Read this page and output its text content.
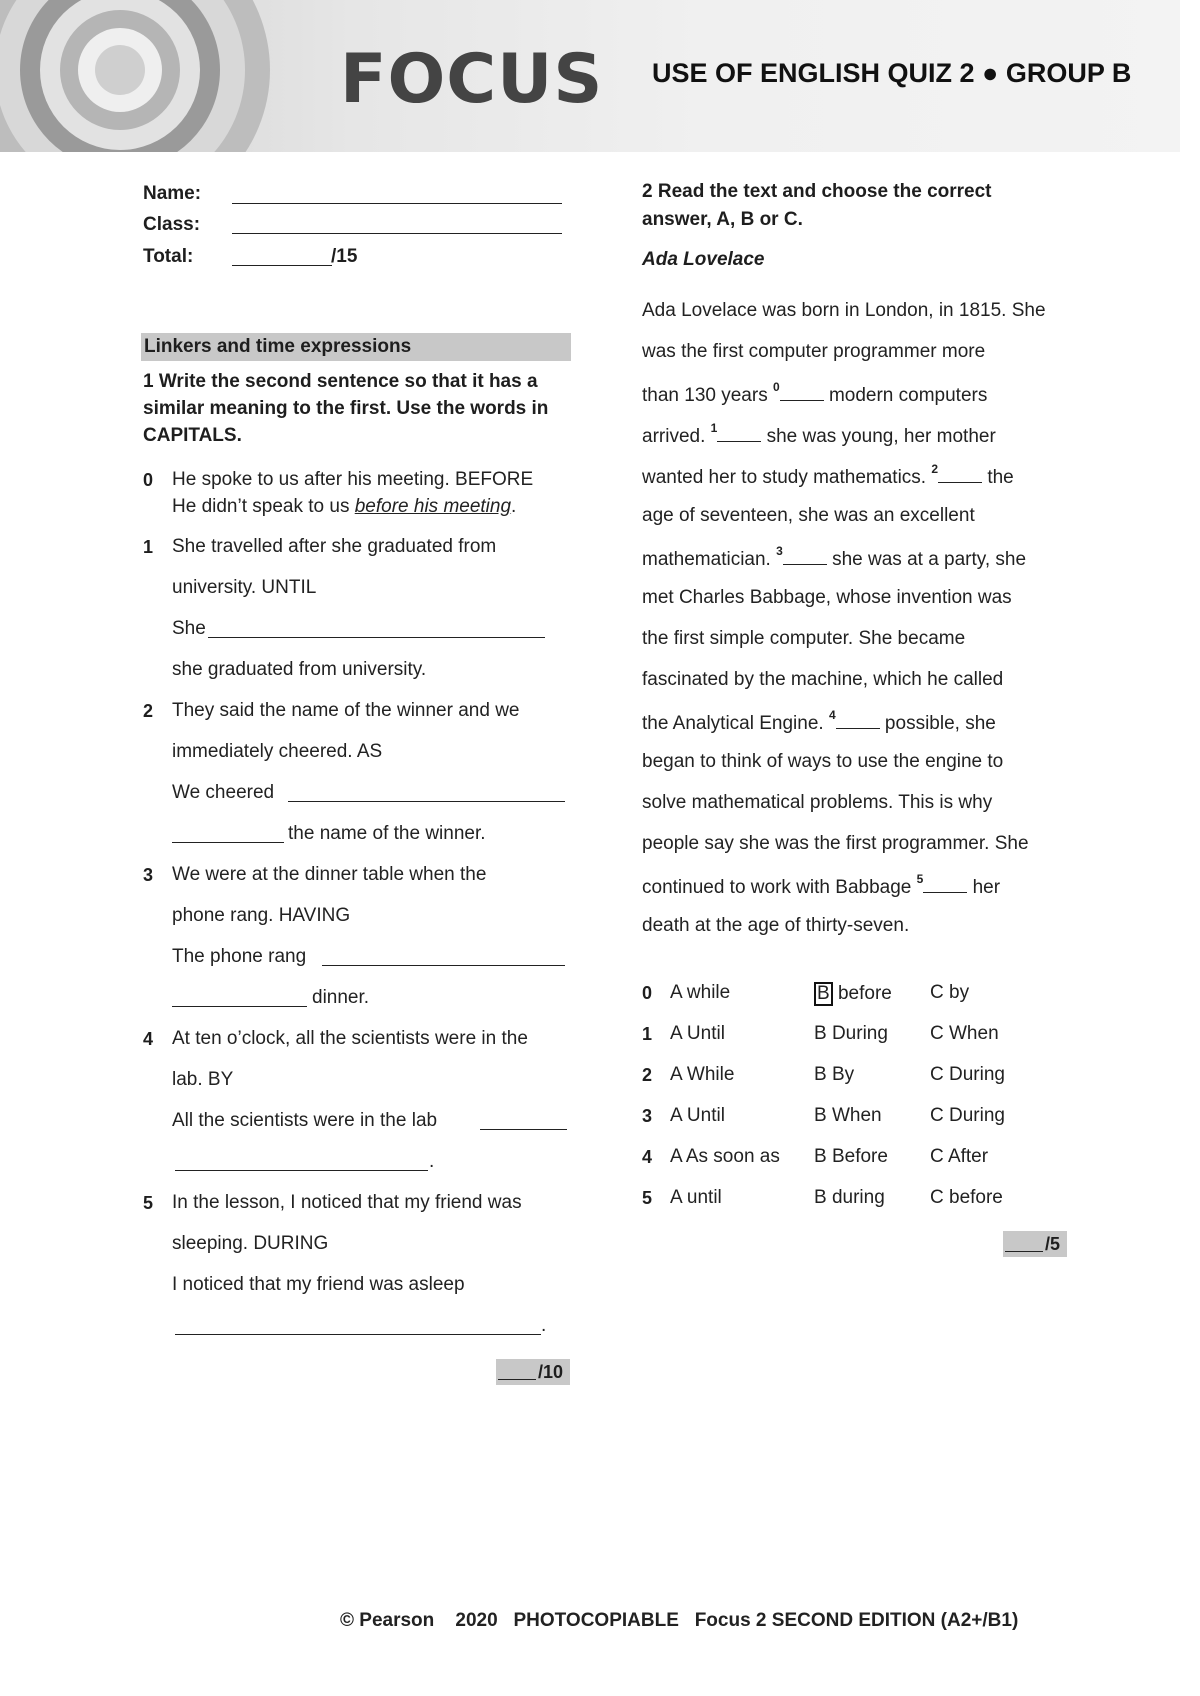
FOCUS USE OF ENGLISH QUIZ 2 ● GROUP B
Name:
Class:
Total:	/15
Linkers and time expressions
1 Write the second sentence so that it has a
similar meaning to the first. Use the words in
CAPITALS.
0 He spoke to us after his meeting. BEFORE
He didn’t speak to us before his meeting.
1 She travelled after she graduated from
university. UNTIL
She
she graduated from university.
2 They said the name of the winner and we
immediately cheered. AS
We cheered
the name of the winner.
3 We were at the dinner table when the
phone rang. HAVING
The phone rang
dinner.
4 At ten o’clock, all the scientists were in the
lab. BY
All the scientists were in the lab
.
5 In the lesson, I noticed that my friend was
sleeping. DURING
I noticed that my friend was asleep
.
/10
2 Read the text and choose the correct
answer, A, B or C.
Ada Lovelace
Ada Lovelace was born in London, in 1815. She
was the first computer programmer more
than 130 years $^0$ modern computers
arrived. $^1$ she was young, her mother
wanted her to study mathematics. $^2$ the
age of seventeen, she was an excellent
mathematician. $^3$ she was at a party, she
met Charles Babbage, whose invention was
the first simple computer. She became
fascinated by the machine, which he called
the Analytical Engine. $^4$ possible, she
began to think of ways to use the engine to
solve mathematical problems. This is why
people say she was the first programmer. She
continued to work with Babbage $^5$ her
death at the age of thirty-seven.
0 A while	B before C by
1 A Until	B During C When
2 A While	B By	C During
3 A Until	B When	C During
4 A As soon as B Before C After
5 A until	B during C before
/5
© Pearson    2020   PHOTOCOPIABLE   Focus 2 SECOND EDITION (A2+/B1)
